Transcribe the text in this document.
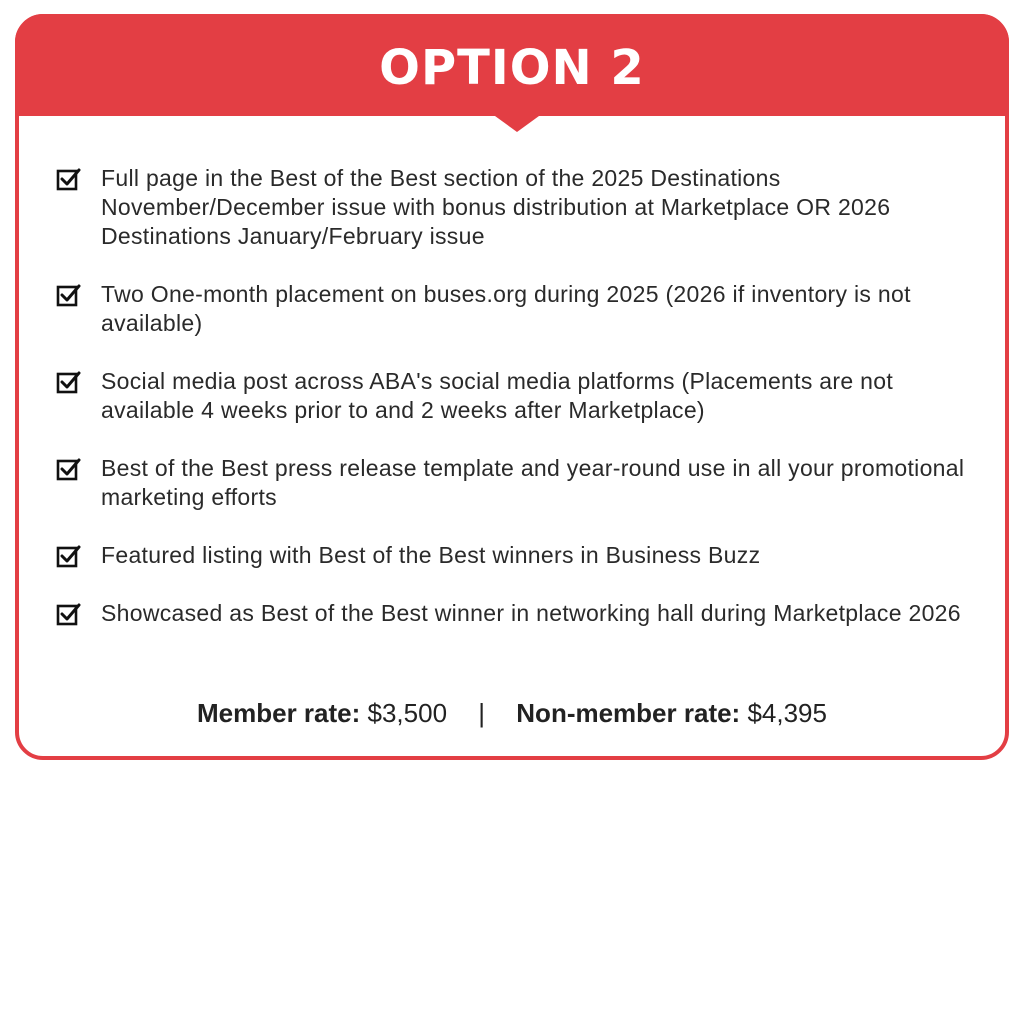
OPTION 2
Full page in the Best of the Best section of the 2025 Destinations November/December issue with bonus distribution at Marketplace OR 2026 Destinations January/February issue
Two One-month placement on buses.org during 2025 (2026 if inventory is not available)
Social media post across ABA's social media platforms (Placements are not available 4 weeks prior to and 2 weeks after Marketplace)
Best of the Best press release template and year-round use in all your promotional marketing efforts
Featured listing with Best of the Best winners in Business Buzz
Showcased as Best of the Best winner in networking hall during Marketplace 2026
Member rate: $3,500 | Non-member rate: $4,395
